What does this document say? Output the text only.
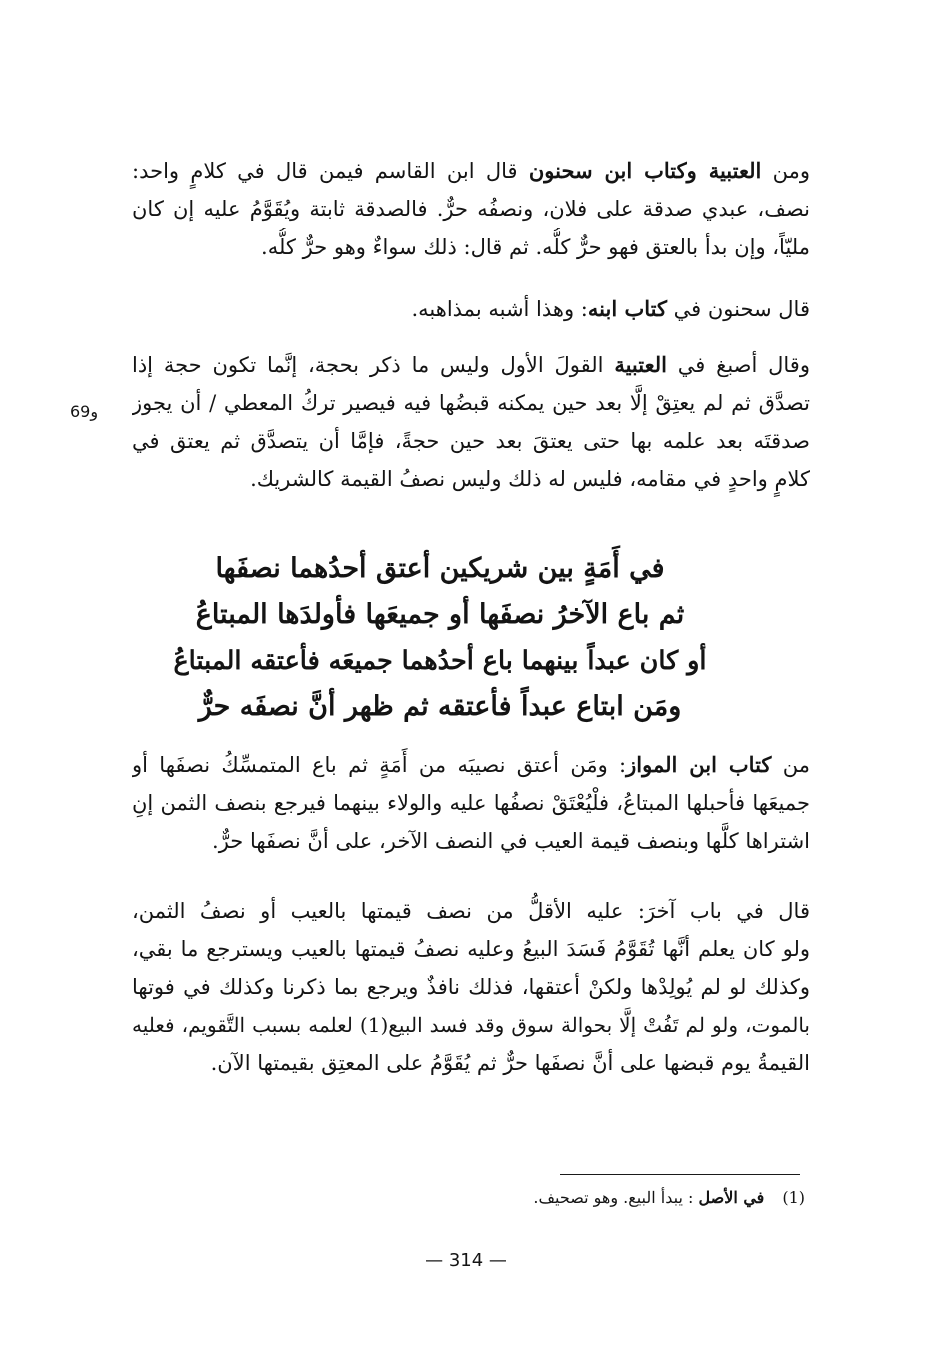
ومن العتبية وكتاب ابن سحنون قال ابن القاسم فيمن قال في كلامٍ واحد:
نصف، عبدي صدقة على فلان، ونصفُه حرٌّ. فالصدقة ثابتة ويُقَوَّمُ عليه إن كان
مليّاً، وإن بدأ بالعتق فهو حرٌّ كلُّه. ثم قال: ذلك سواءٌ وهو حرٌّ كلُّه.
قال سحنون في كتاب ابنه: وهذا أشبه بمذاهبه.
وقال أصبغ في العتبية القولَ الأول وليس ما ذكر بحجة، إنَّما تكون حجة إذا
تصدَّق ثم لم يعتِقْ إلَّا بعد حين يمكنه قبضُها فيه فيصير تركُ المعطي / أن يجوز
صدقتَه بعد علمه بها حتى يعتقَ بعد حين حجةً، فإمَّا أن يتصدَّق ثم يعتق في
كلامٍ واحدٍ في مقامه، فليس له ذلك وليس نصفُ القيمة كالشريك.
و69
في أَمَةٍ بين شريكين أعتق أحدُهما نصفَها
ثم باع الآخرُ نصفَها أو جميعَها فأولدَها المبتاعُ
أو كان عبداً بينهما باع أحدُهما جميعَه فأعتقه المبتاعُ
ومَن ابتاع عبداً فأعتقه ثم ظهر أنَّ نصفَه حرٌّ
من كتاب ابن المواز: ومَن أعتق نصيبَه من أَمَةٍ ثم باع المتمسِّكُ نصفَها أو
جميعَها فأحبلها المبتاعُ، فلْيُعْتَقْ نصفُها عليه والولاء بينهما فيرجع بنصف الثمن إنِ
اشتراها كلَّها وبنصف قيمة العيب في النصف الآخر، على أنَّ نصفَها حرٌّ.
قال في باب آخرَ: عليه الأقلُّ من نصف قيمتها بالعيب أو نصفُ الثمن،
ولو كان يعلم أنَّها تُقَوَّمُ فَسَدَ البيعُ وعليه نصفُ قيمتها بالعيب ويسترجع ما بقي،
وكذلك لو لم يُولِدْها ولكنْ أعتقها، فذلك نافذٌ ويرجع بما ذكرنا وكذلك في فوتها
بالموت، ولو لم تَفُتْ إلَّا بحوالة سوق وقد فسد البيع(1) لعلمه بسبب التَّقويم، فعليه
القيمةُ يوم قبضها على أنَّ نصفَها حرٌّ ثم يُقَوَّمُ على المعتِق بقيمتها الآن.
(1)في الأصل : يبدأ البيع. وهو تصحيف.
— 314 —
